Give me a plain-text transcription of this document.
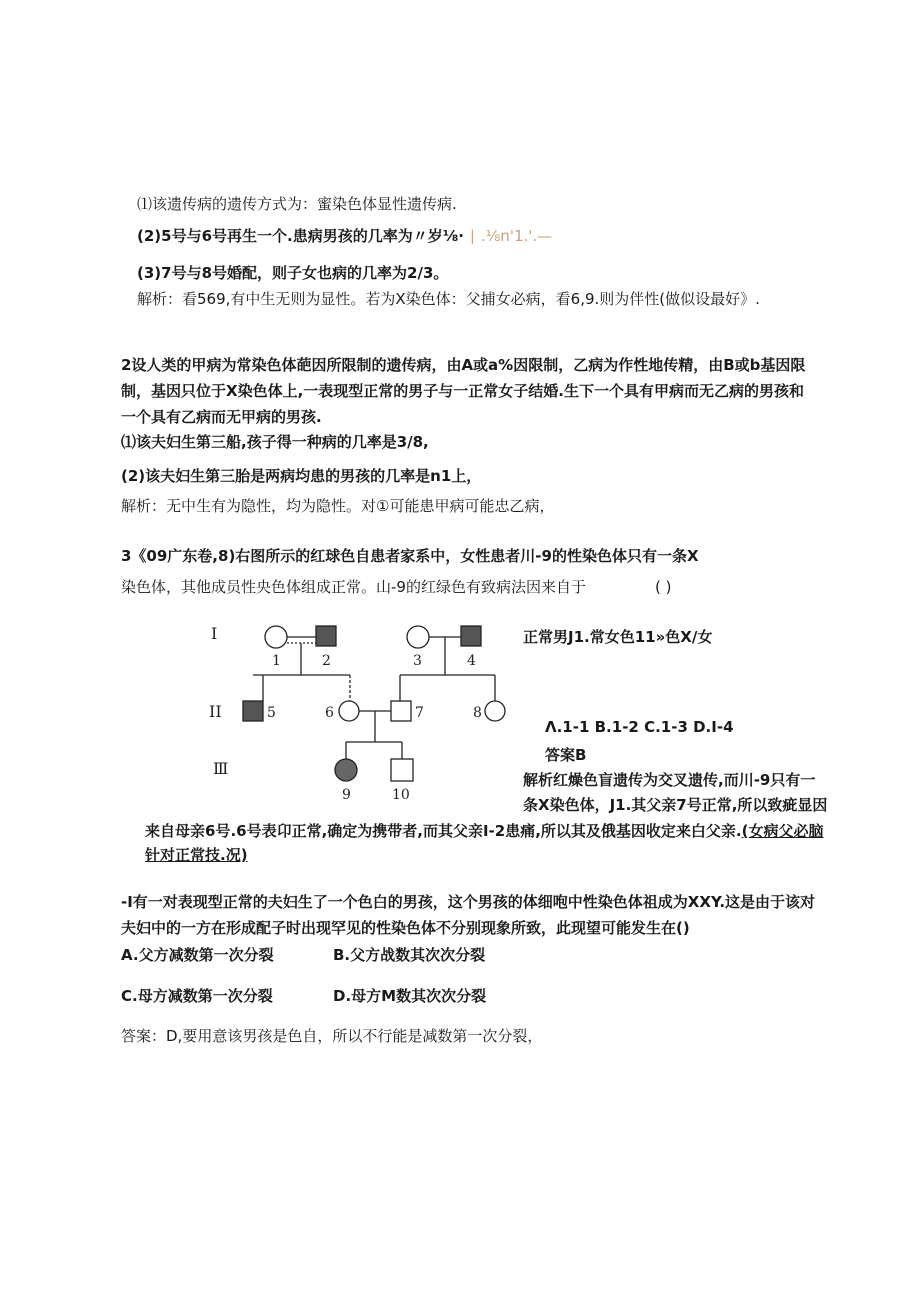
⑴该遗传病的遗传方式为：蜜染色体显性遗传病.
(2)5号与6号再生一个.患病男孩的几率为〃岁⅛· ∣ .⅛n'1.'.—
(3)7号与8号婚配，则子女也病的几率为2/3。
解析：看569,有中生无则为显性。若为X染色体：父捕女必病，看6,9.则为伴性(做似设最好》.
2设人类的甲病为常染色体葩因所限制的遗传病，由A或a%因限制，乙病为作性地传精，由B或b基因限
制，基因只位于X染色体上,一表现型正常的男子与一正常女子结婚.生下一个具有甲病而无乙病的男孩和
一个具有乙病而无甲病的男孩.
⑴该夫妇生第三船,孩子得一种病的几率是3/8,
(2)该夫妇生第三胎是两病均患的男孩的几率是n1上，
解析：无中生有为隐性，均为隐性。对①可能患甲病可能忠乙病，
3《09广东卷,8)右图所示的红球色自患者家系中，女性患者川-9的性染色体只有一条X
染色体，其他成员性央色体组成正常。山-9的红绿色有致病法因来自于	( )
I
II
Ⅲ
1	2	3	4
5	6	7	8
9	10
正常男J1.常女色11»色X/女
Λ.1-1 B.1-2 C.1-3 D.I-4
答案B
解析红燥色盲遗传为交叉遗传,而川-9只有一
条X染色体，J1.其父亲7号正常,所以致疵显因
来自母亲6号.6号表卬正常,确定为携带者,而其父亲I-2患痛,所以其及俄基因收定来白父亲.(女病父必脑
针对正常技.况)
-I有一对表现型正常的夫妇生了一个色白的男孩，这个男孩的体细咆中性染色体祖成为XXY.这是由于该对
夫妇中的一方在形成配子时出现罕见的性染色体不分别现象所致，此现望可能发生在()
A.父方减数第一次分裂	B.父方战数其次次分裂
C.母方减数第一次分裂	D.母方M数其次次分裂
答案：D,要用意该男孩是色自，所以不行能是减数第一次分裂，
